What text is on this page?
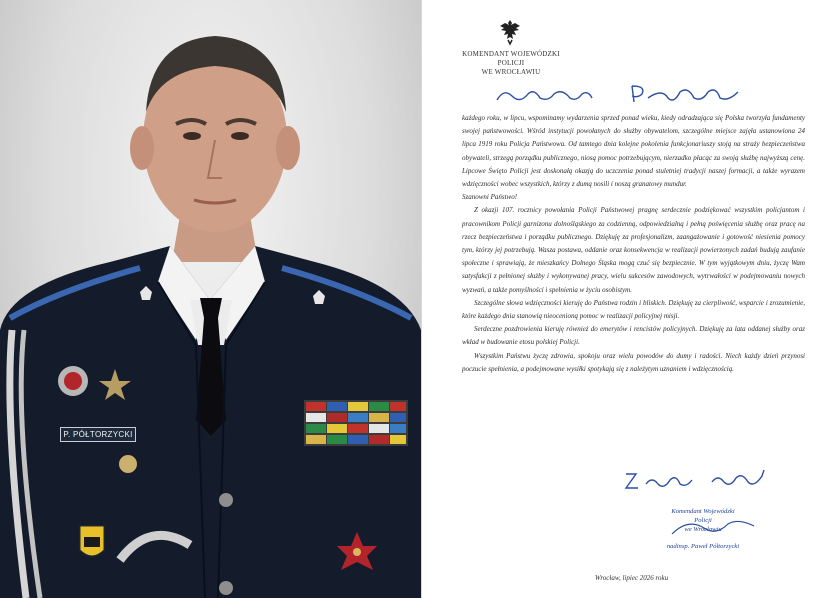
P. PÓŁTORZYCKI
KOMENDANT WOJEWÓDZKI POLICJI
WE WROCŁAWIU

każdego roku, w lipcu, wspominamy wydarzenia sprzed ponad wieku, kiedy odradzająca się Polska tworzyła fundamenty swojej państwowości. Wśród instytucji powołanych do służby obywatelom, szczególne miejsce zajęła ustanowiona 24 lipca 1919 roku Policja Państwowa. Od tamtego dnia kolejne pokolenia funkcjonariuszy stoją na straży bezpieczeństwa obywateli, strzegą porządku publicznego, niosą pomoc potrzebującym, nierzadko płacąc za swoją służbę najwyższą cenę. Lipcowe Święto Policji jest doskonałą okazją do uczczenia ponad stuletniej tradycji naszej formacji, a także wyrazem wdzięczności wobec wszystkich, którzy z dumą nosili i noszą granatowy mundur.

Szanowni Państwo!

Z okazji 107. rocznicy powołania Policji Państwowej pragnę serdecznie podziękować wszystkim policjantom i pracownikom Policji garnizonu dolnośląskiego za codzienną, odpowiedzialną i pełną poświęcenia służbę oraz pracę na rzecz bezpieczeństwa i porządku publicznego. Dziękuję za profesjonalizm, zaangażowanie i gotowość niesienia pomocy tym, którzy jej potrzebują. Wasza postawa, oddanie oraz konsekwencja w realizacji powierzonych zadań budują zaufanie społeczne i sprawiają, że mieszkańcy Dolnego Śląska mogą czuć się bezpiecznie. W tym wyjątkowym dniu, życzę Wam satysfakcji z pełnionej służby i wykonywanej pracy, wielu sukcesów zawodowych, wytrwałości w podejmowaniu nowych wyzwań, a także pomyślności i spełnienia w życiu osobistym.

Szczególne słowa wdzięczności kieruję do Państwa rodzin i bliskich. Dziękuję za cierpliwość, wsparcie i zrozumienie, które każdego dnia stanowią nieocenioną pomoc w realizacji policyjnej misji.

Serdeczne pozdrowienia kieruję również do emerytów i rencistów policyjnych. Dziękuję za lata oddanej służby oraz wkład w budowanie etosu polskiej Policji.

Wszystkim Państwu życzę zdrowia, spokoju oraz wielu powodów do dumy i radości. Niech każdy dzień przynosi poczucie spełnienia, a podejmowane wysiłki spotykają się z należytym uznaniem i wdzięcznością.

Komendant Wojewódzki Policji
we Wrocławiu
nadinsp. Paweł Półtorzycki
Wrocław, lipiec 2026 roku
